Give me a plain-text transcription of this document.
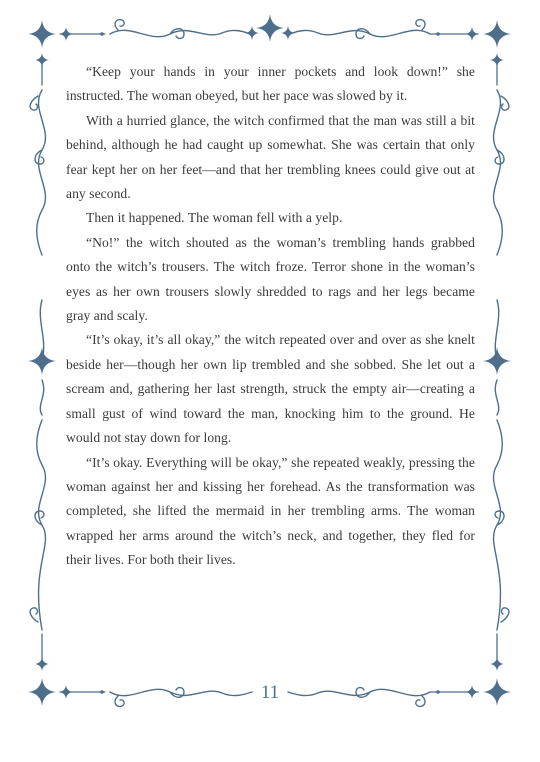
“Keep your hands in your inner pockets and look down!” she instructed. The woman obeyed, but her pace was slowed by it.

With a hurried glance, the witch confirmed that the man was still a bit behind, although he had caught up somewhat. She was certain that only fear kept her on her feet—and that her trembling knees could give out at any second.

Then it happened. The woman fell with a yelp.

“No!” the witch shouted as the woman’s trembling hands grabbed onto the witch’s trousers. The witch froze. Terror shone in the woman’s eyes as her own trousers slowly shredded to rags and her legs became gray and scaly.

“It’s okay, it’s all okay,” the witch repeated over and over as she knelt beside her—though her own lip trembled and she sobbed. She let out a scream and, gathering her last strength, struck the empty air—creating a small gust of wind toward the man, knocking him to the ground. He would not stay down for long.

“It’s okay. Everything will be okay,” she repeated weakly, pressing the woman against her and kissing her forehead. As the transformation was completed, she lifted the mermaid in her trembling arms. The woman wrapped her arms around the witch’s neck, and together, they fled for their lives. For both their lives.

11
